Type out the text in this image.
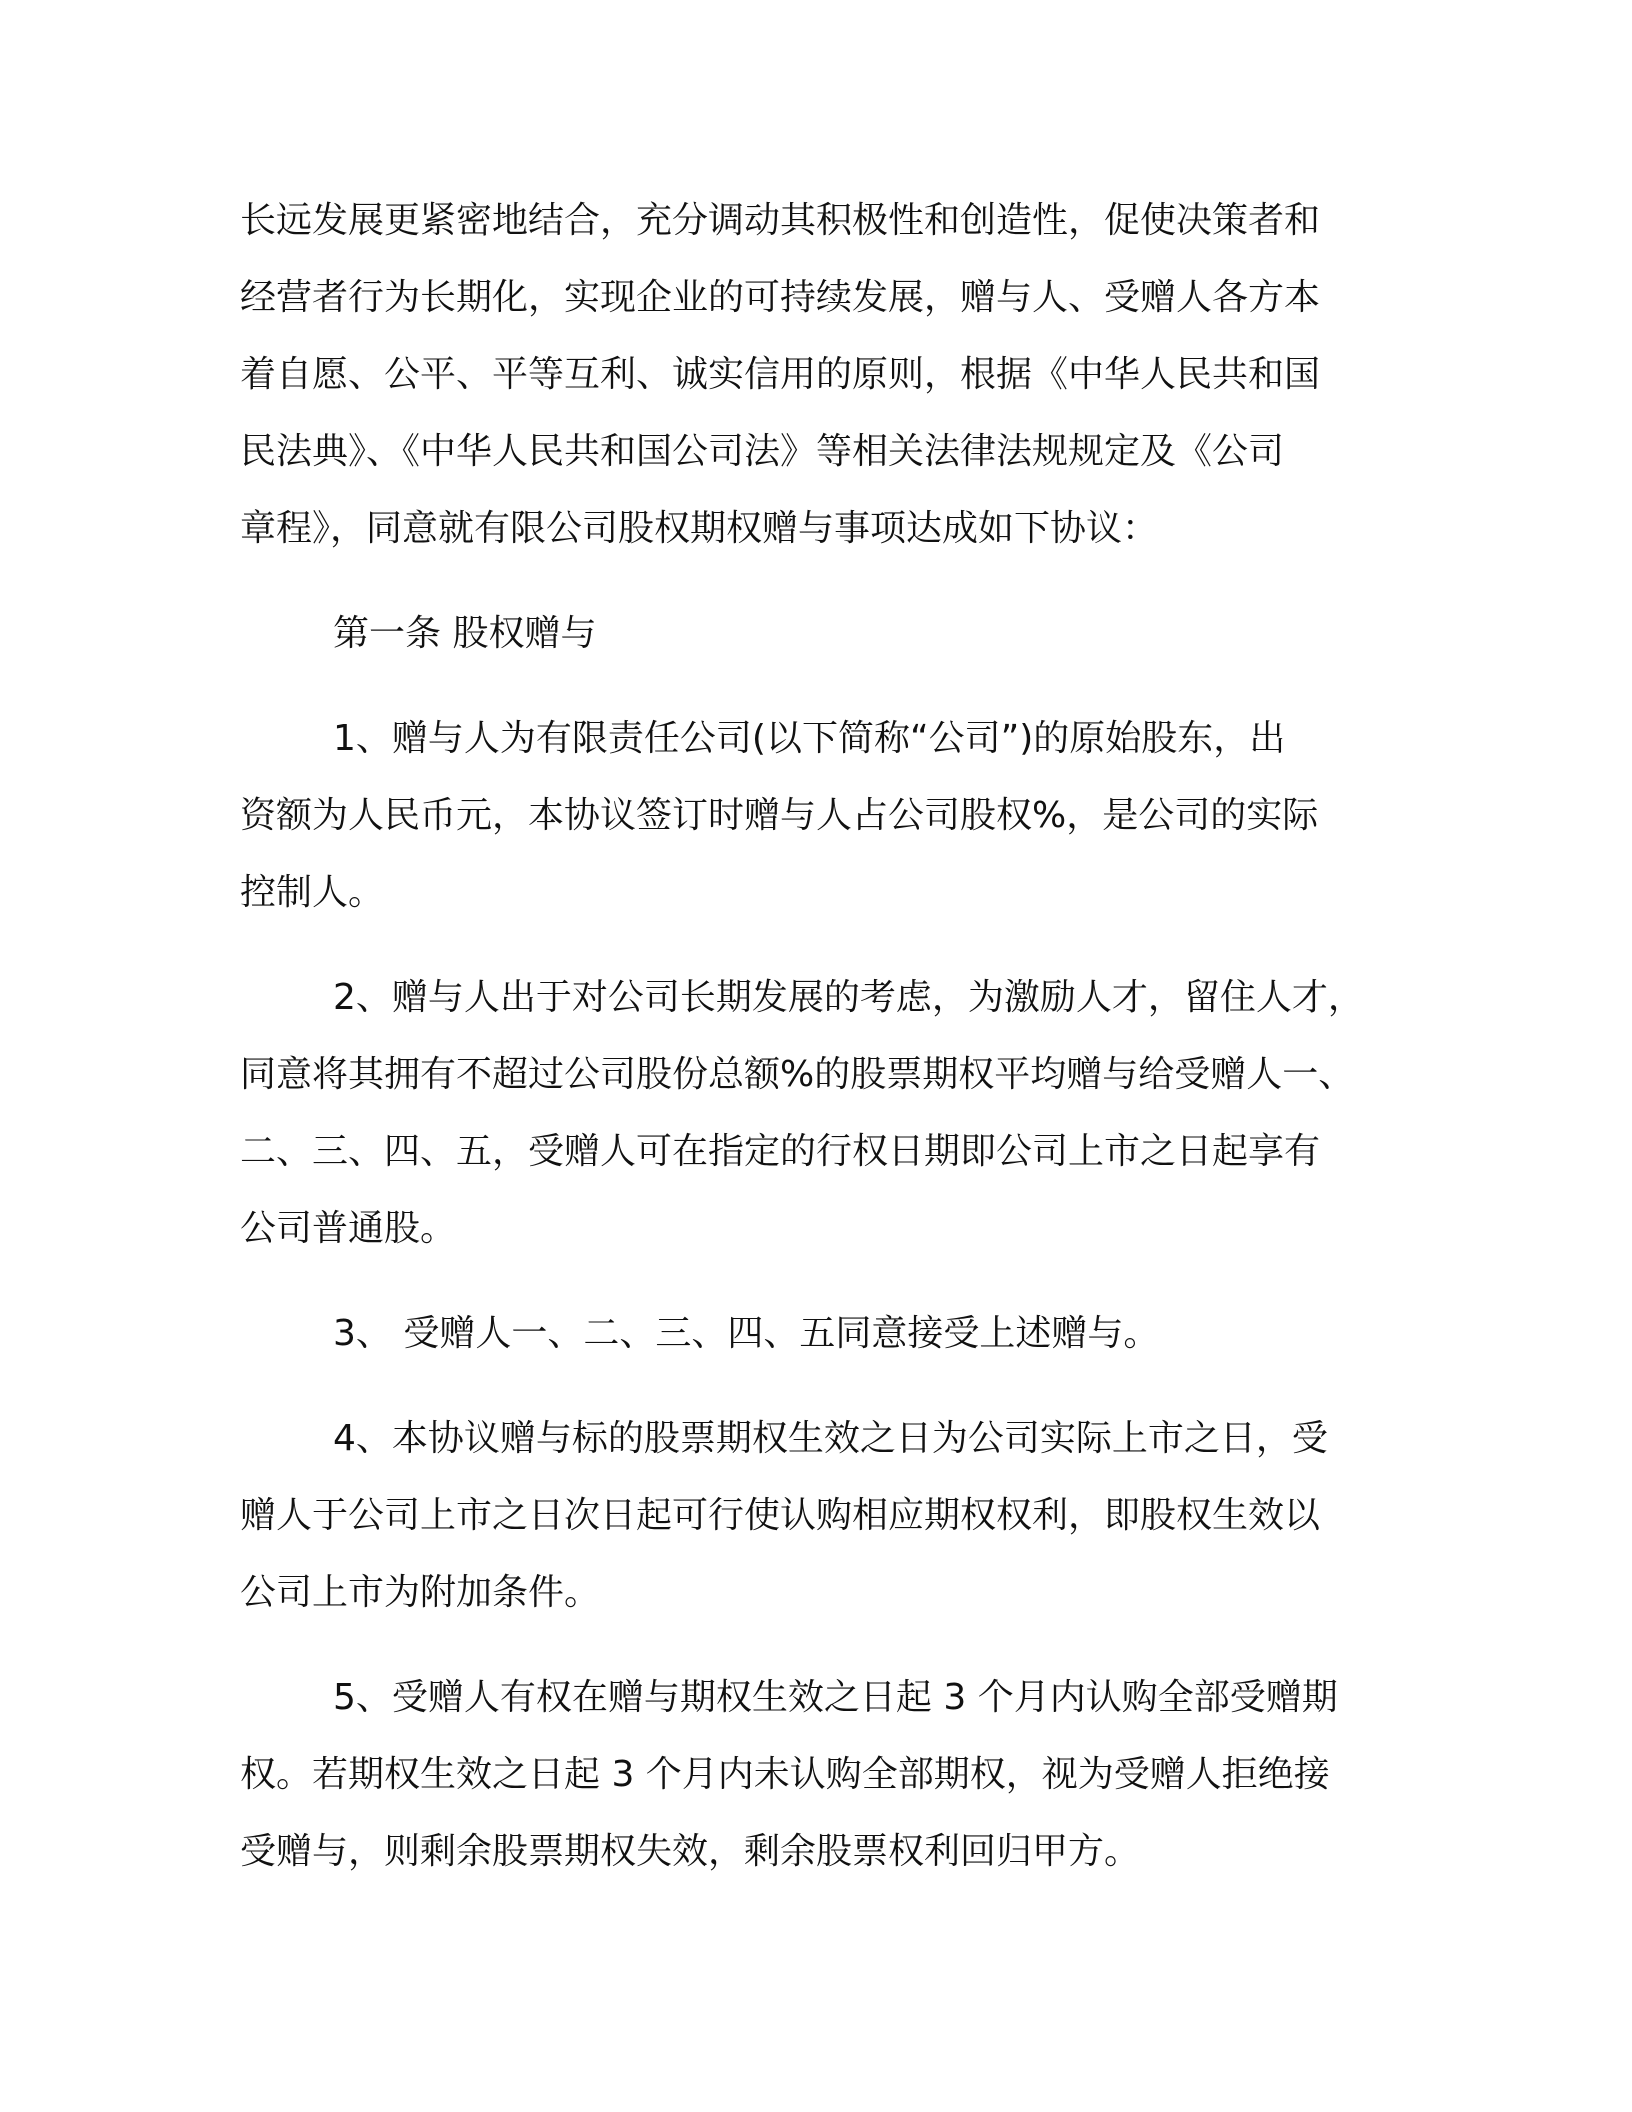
长远发展更紧密地结合，充分调动其积极性和创造性，促使决策者和
经营者行为长期化，实现企业的可持续发展，赠与人、受赠人各方本
着自愿、公平、平等互利、诚实信用的原则，根据《中华人民共和国
民法典》、《中华人民共和国公司法》等相关法律法规规定及《公司
章程》，同意就有限公司股权期权赠与事项达成如下协议：
第一条 股权赠与
1、赠与人为有限责任公司(以下简称“公司”)的原始股东，出
资额为人民币元，本协议签订时赠与人占公司股权%，是公司的实际
控制人。
2、赠与人出于对公司长期发展的考虑，为激励人才，留住人才，
同意将其拥有不超过公司股份总额%的股票期权平均赠与给受赠人一、
二、三、四、五，受赠人可在指定的行权日期即公司上市之日起享有
公司普通股。
3、 受赠人一、二、三、四、五同意接受上述赠与。
4、本协议赠与标的股票期权生效之日为公司实际上市之日，受
赠人于公司上市之日次日起可行使认购相应期权权利，即股权生效以
公司上市为附加条件。
5、受赠人有权在赠与期权生效之日起 3 个月内认购全部受赠期
权。若期权生效之日起 3 个月内未认购全部期权，视为受赠人拒绝接
受赠与，则剩余股票期权失效，剩余股票权利回归甲方。
